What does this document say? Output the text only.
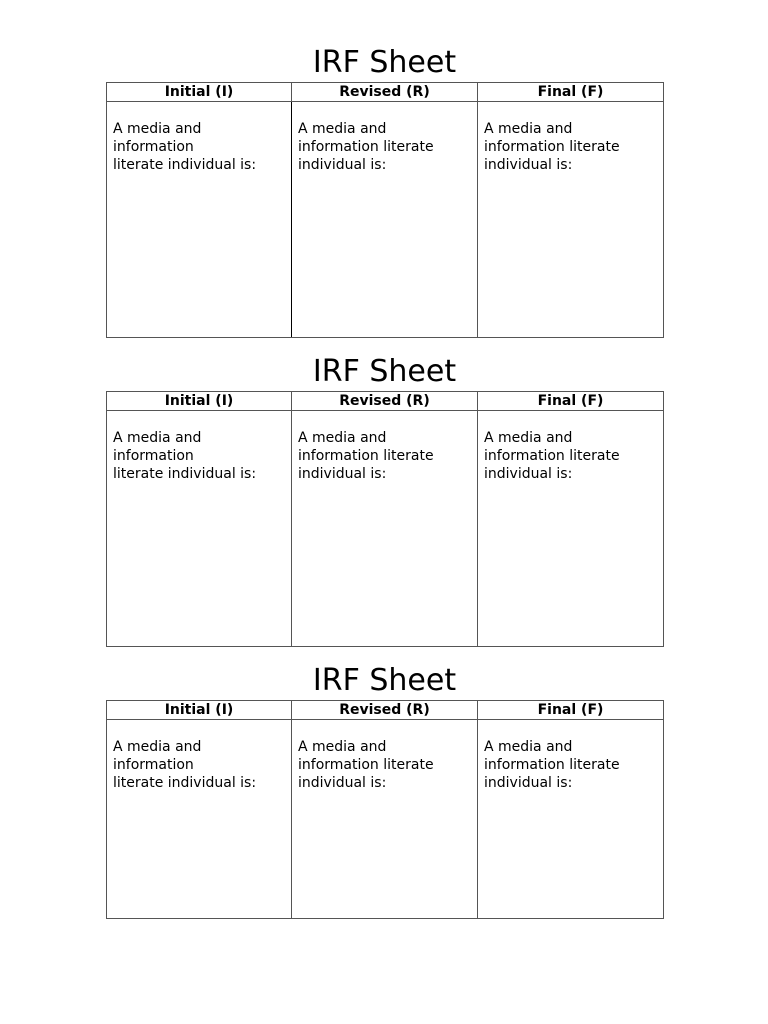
IRF Sheet
Initial (I)	Revised (R)	Final (F)
A media and
information
literate individual is:	A media and
information literate
individual is:	A media and
information literate
individual is:
IRF Sheet
Initial (I)	Revised (R)	Final (F)
A media and
information
literate individual is:	A media and
information literate
individual is:	A media and
information literate
individual is:
IRF Sheet
Initial (I)	Revised (R)	Final (F)
A media and
information
literate individual is:	A media and
information literate
individual is:	A media and
information literate
individual is:
